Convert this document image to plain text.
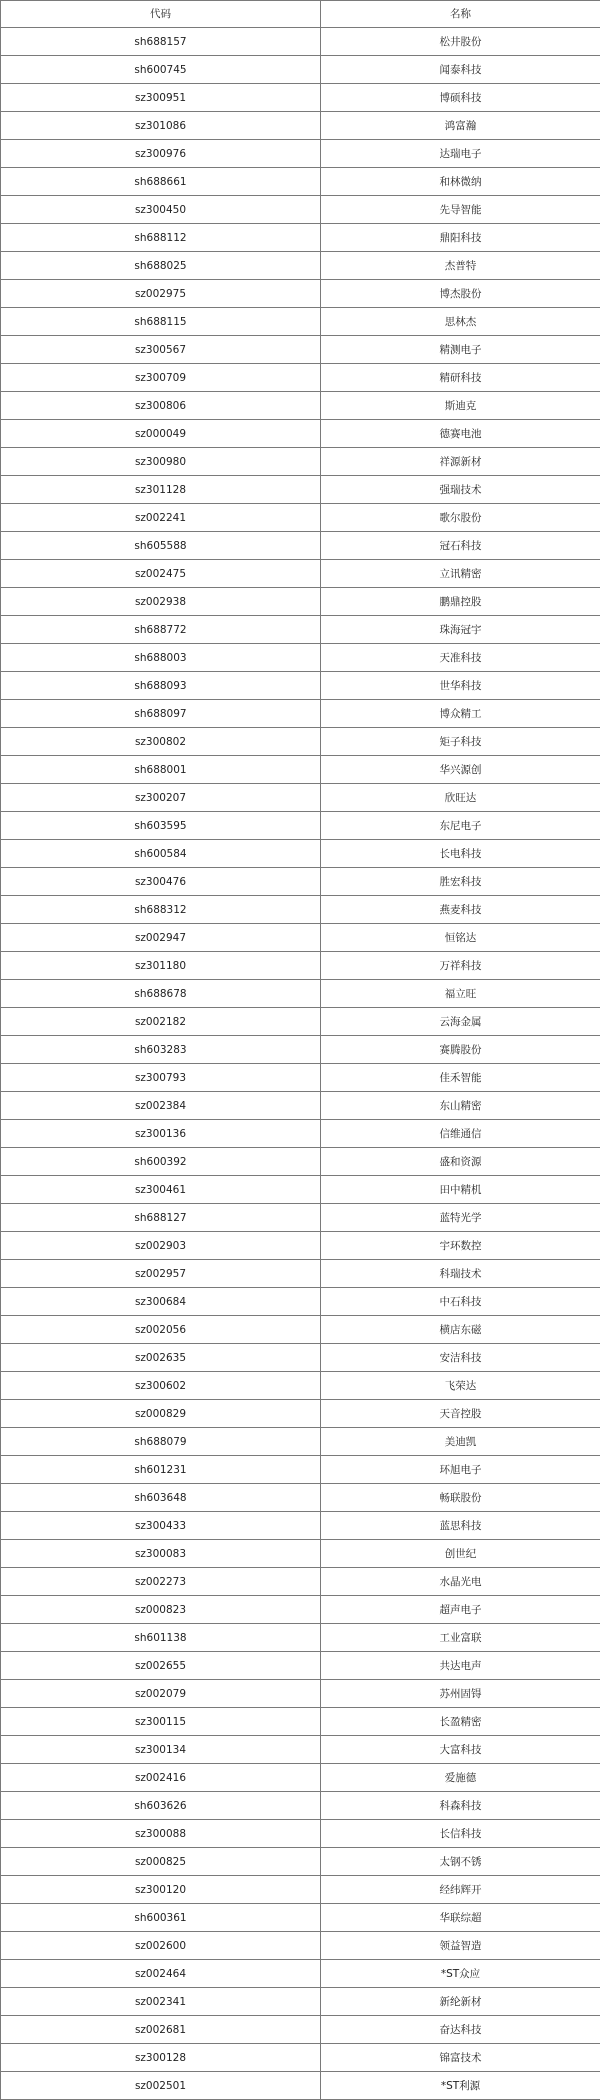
代码	名称
sh688157	松井股份
sh600745	闻泰科技
sz300951	博硕科技
sz301086	鸿富瀚
sz300976	达瑞电子
sh688661	和林微纳
sz300450	先导智能
sh688112	鼎阳科技
sh688025	杰普特
sz002975	博杰股份
sh688115	思林杰
sz300567	精测电子
sz300709	精研科技
sz300806	斯迪克
sz000049	德赛电池
sz300980	祥源新材
sz301128	强瑞技术
sz002241	歌尔股份
sh605588	冠石科技
sz002475	立讯精密
sz002938	鹏鼎控股
sh688772	珠海冠宇
sh688003	天准科技
sh688093	世华科技
sh688097	博众精工
sz300802	矩子科技
sh688001	华兴源创
sz300207	欣旺达
sh603595	东尼电子
sh600584	长电科技
sz300476	胜宏科技
sh688312	燕麦科技
sz002947	恒铭达
sz301180	万祥科技
sh688678	福立旺
sz002182	云海金属
sh603283	赛腾股份
sz300793	佳禾智能
sz002384	东山精密
sz300136	信维通信
sh600392	盛和资源
sz300461	田中精机
sh688127	蓝特光学
sz002903	宇环数控
sz002957	科瑞技术
sz300684	中石科技
sz002056	横店东磁
sz002635	安洁科技
sz300602	飞荣达
sz000829	天音控股
sh688079	美迪凯
sh601231	环旭电子
sh603648	畅联股份
sz300433	蓝思科技
sz300083	创世纪
sz002273	水晶光电
sz000823	超声电子
sh601138	工业富联
sz002655	共达电声
sz002079	苏州固锝
sz300115	长盈精密
sz300134	大富科技
sz002416	爱施德
sh603626	科森科技
sz300088	长信科技
sz000825	太钢不锈
sz300120	经纬辉开
sh600361	华联综超
sz002600	领益智造
sz002464	*ST众应
sz002341	新纶新材
sz002681	奋达科技
sz300128	锦富技术
sz002501	*ST利源
